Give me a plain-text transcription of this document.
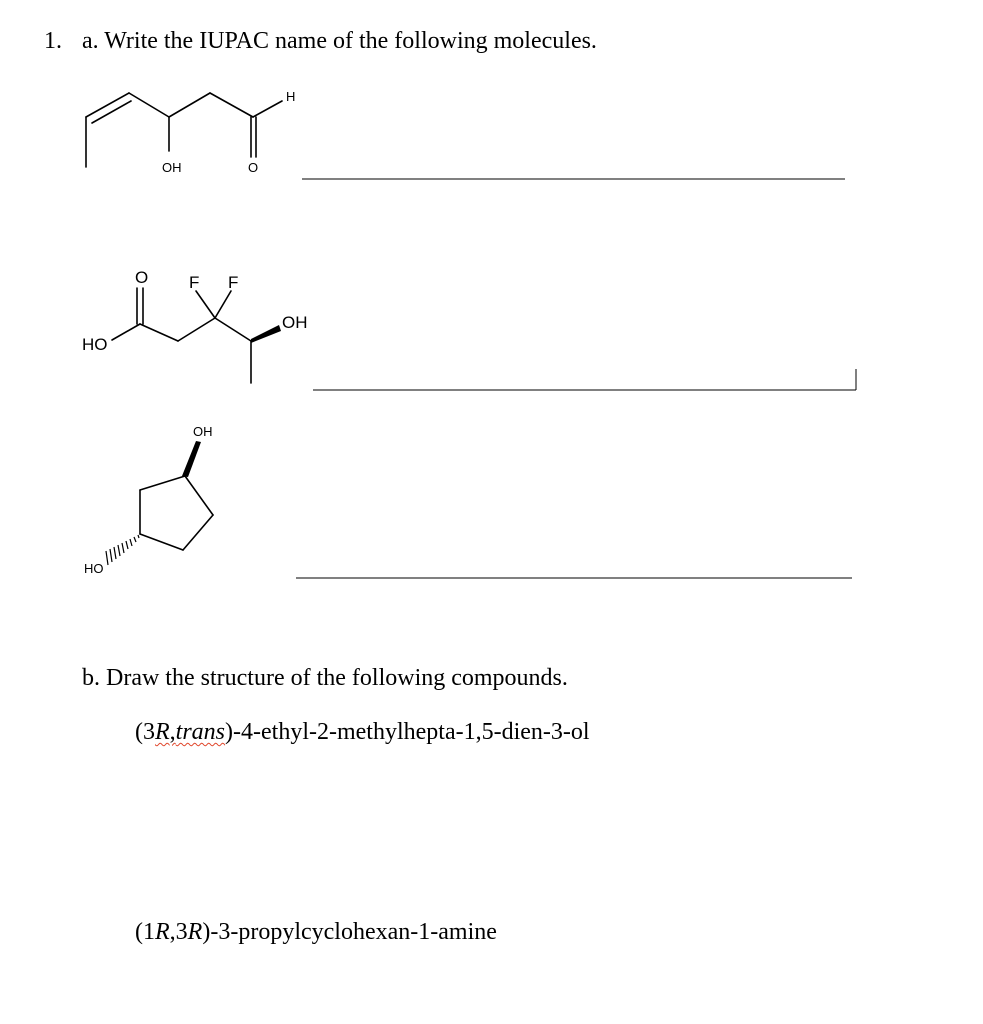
1. a. Write the IUPAC name of the following molecules.
b. Draw the structure of the following compounds.
(3R,trans)-4-ethyl-2-methylhepta-1,5-dien-3-ol
(1R,3R)-3-propylcyclohexan-1-amine
OH	O
H
O F F
OH
HO
OH
HO
